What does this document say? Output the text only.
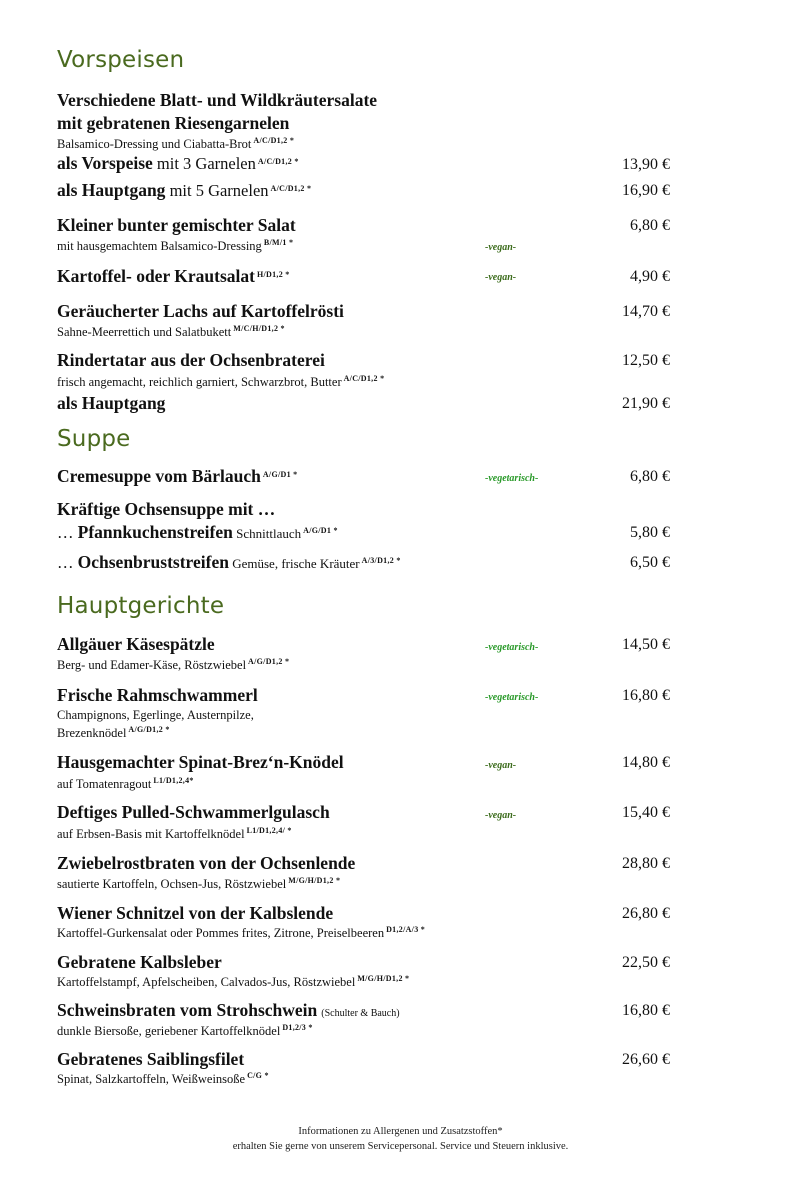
Vorspeisen
Verschiedene Blatt- und Wildkräutersalate
mit gebratenen Riesengarnelen
Balsamico-Dressing und Ciabatta-Brot $^{A/C/D1,2 *}$
als Vorspeise mit 3 Garnelen $^{A/C/D1,2 *}$	13,90 €
als Hauptgang mit 5 Garnelen $^{A/C/D1,2 *}$	16,90 €
Kleiner bunter gemischter Salat	6,80 €
mit hausgemachtem Balsamico-Dressing $^{B/M/1 *}$	-vegan-
Kartoffel- oder Krautsalat $^{H/D1,2 *}$	-vegan-	4,90 €
Geräucherter Lachs auf Kartoffelrösti	14,70 €
Sahne-Meerrettich und Salatbukett $^{M/C/H/D1,2 *}$
Rindertatar aus der Ochsenbraterei	12,50 €
frisch angemacht, reichlich garniert, Schwarzbrot, Butter $^{A/C/D1,2 *}$
als Hauptgang	21,90 €
Suppe
Cremesuppe vom Bärlauch $^{A/G/D1 *}$	-vegetarisch-	6,80 €
Kräftige Ochsensuppe mit …
… Pfannkuchenstreifen Schnittlauch $^{A/G/D1 *}$	5,80 €
… Ochsenbruststreifen Gemüse, frische Kräuter $^{A/3/D1,2 *}$	6,50 €
Hauptgerichte
Allgäuer Käsespätzle	-vegetarisch-	14,50 €
Berg- und Edamer-Käse, Röstzwiebel $^{A/G/D1,2 *}$
Frische Rahmschwammerl	-vegetarisch-	16,80 €
Champignons, Egerlinge, Austernpilze,
Brezenknödel $^{A/G/D1,2 *}$
Hausgemachter Spinat-Brez‘n-Knödel	-vegan-	14,80 €
auf Tomatenragout $^{L1/D1,2,4*}$
Deftiges Pulled-Schwammerlgulasch	-vegan-	15,40 €
auf Erbsen-Basis mit Kartoffelknödel $^{L1/D1,2,4/ *}$
Zwiebelrostbraten von der Ochsenlende	28,80 €
sautierte Kartoffeln, Ochsen-Jus, Röstzwiebel $^{M/G/H/D1,2 *}$
Wiener Schnitzel von der Kalbslende	26,80 €
Kartoffel-Gurkensalat oder Pommes frites, Zitrone, Preiselbeeren $^{D1,2/A/3 *}$
Gebratene Kalbsleber	22,50 €
Kartoffelstampf, Apfelscheiben, Calvados-Jus, Röstzwiebel $^{M/G/H/D1,2 *}$
Schweinsbraten vom Strohschwein (Schulter & Bauch)	16,80 €
dunkle Biersoße, geriebener Kartoffelknödel $^{D1,2/3 *}$
Gebratenes Saiblingsfilet	26,60 €
Spinat, Salzkartoffeln, Weißweinsoße $^{C/G *}$
Informationen zu Allergenen und Zusatzstoffen*
erhalten Sie gerne von unserem Servicepersonal. Service und Steuern inklusive.
